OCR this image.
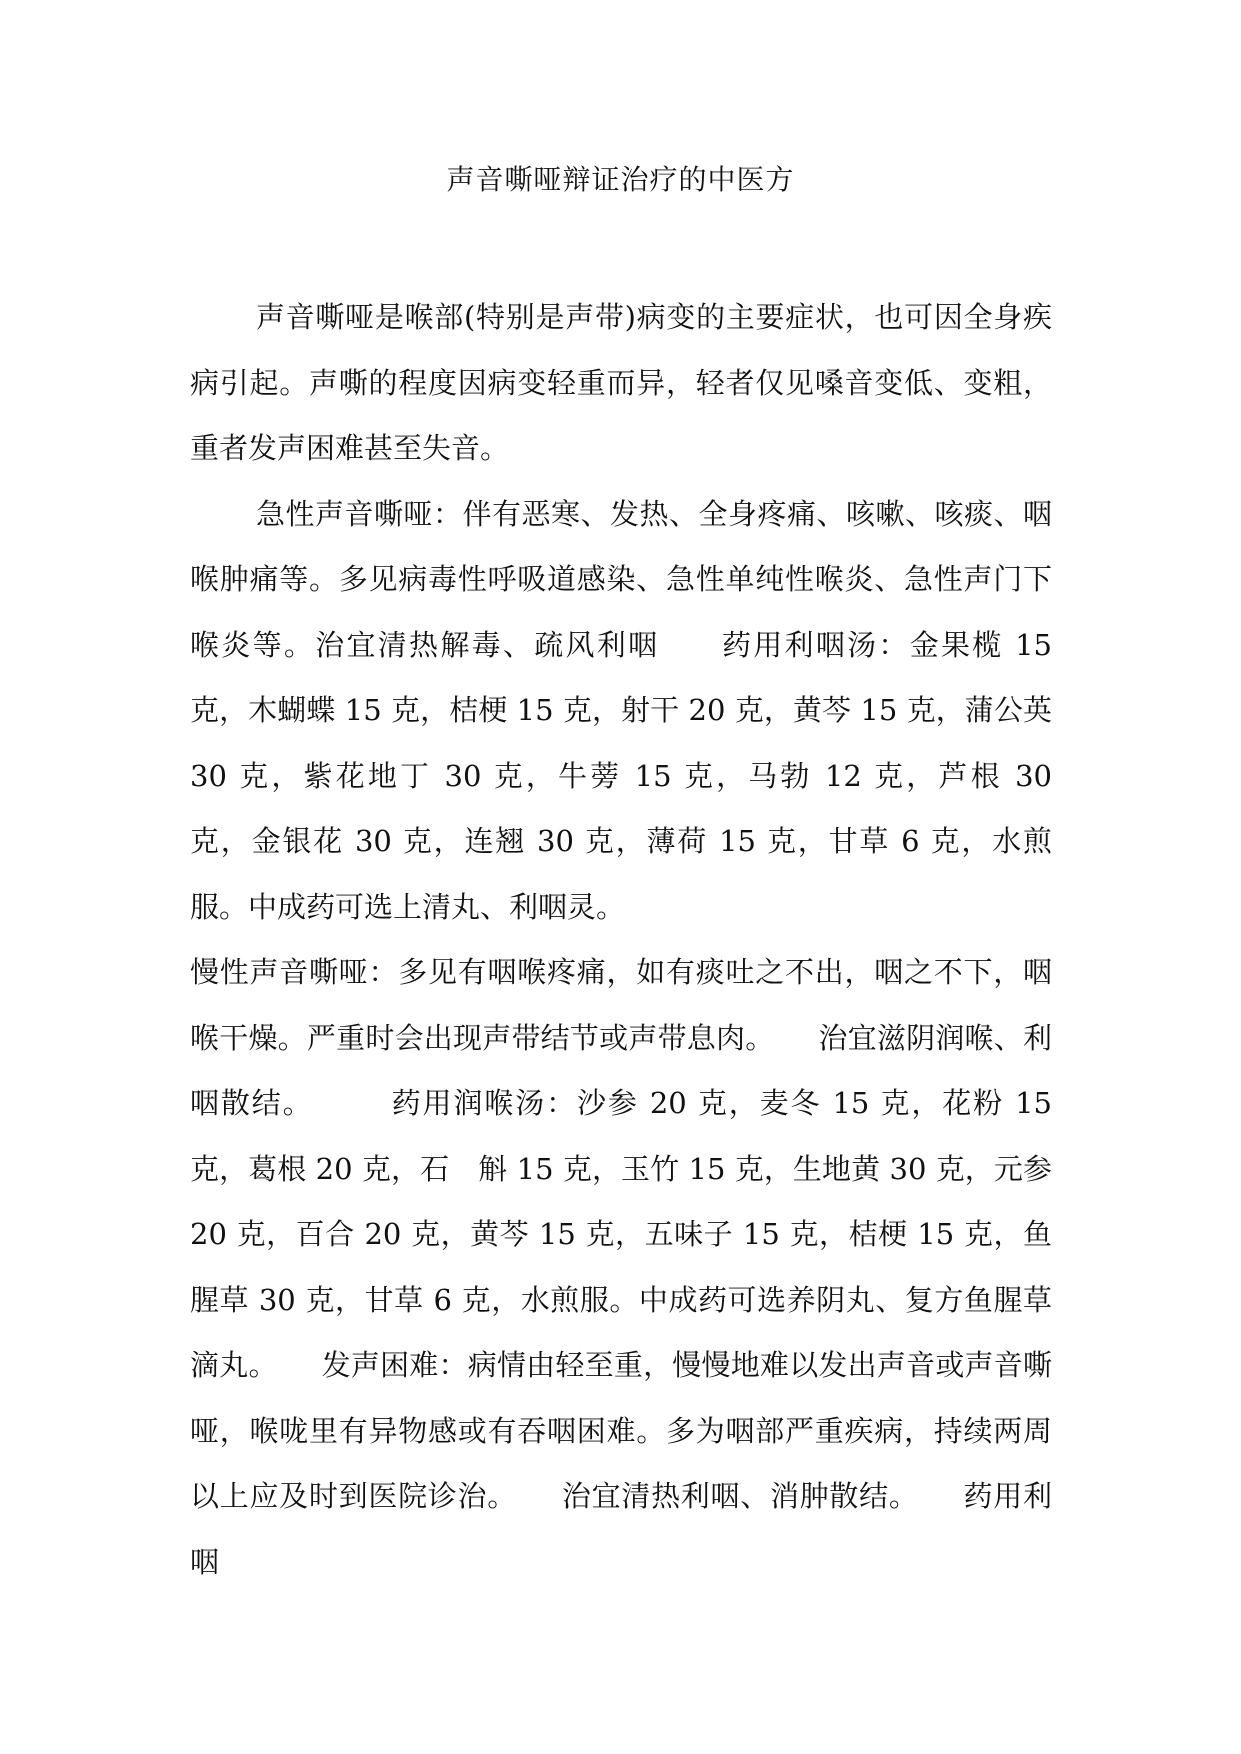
声音嘶哑辩证治疗的中医方

声音嘶哑是喉部(特别是声带)病变的主要症状，也可因全身疾病引起。声嘶的程度因病变轻重而异，轻者仅见嗓音变低、变粗，重者发声困难甚至失音。

急性声音嘶哑：伴有恶寒、发热、全身疼痛、咳嗽、咳痰、咽喉肿痛等。多见病毒性呼吸道感染、急性单纯性喉炎、急性声门下喉炎等。治宜清热解毒、疏风利咽　　药用利咽汤：金果榄 15 克，木蝴蝶 15 克，桔梗 15 克，射干 20 克，黄芩 15 克，蒲公英 30 克，紫花地丁 30 克，牛蒡 15 克，马勃 12 克，芦根 30　克，金银花 30 克，连翘 30 克，薄荷 15 克，甘草 6 克，水煎服。中成药可选上清丸、利咽灵。

慢性声音嘶哑：多见有咽喉疼痛，如有痰吐之不出，咽之不下，咽喉干燥。严重时会出现声带结节或声带息肉。　　治宜滋阴润喉、利咽散结。　　　药用润喉汤：沙参 20 克，麦冬 15 克，花粉 15 克，葛根 20 克，石　斛 15 克，玉竹 15 克，生地黄 30 克，元参 20 克，百合 20 克，黄芩 15 克，五味子 15 克，桔梗 15 克，鱼腥草 30 克，甘草 6 克，水煎服。中成药可选养阴丸、复方鱼腥草滴丸。　　发声困难：病情由轻至重，慢慢地难以发出声音或声音嘶哑，喉咙里有异物感或有吞咽困难。多为咽部严重疾病，持续两周以上应及时到医院诊治。　　治宜清热利咽、消肿散结。　　药用利咽
